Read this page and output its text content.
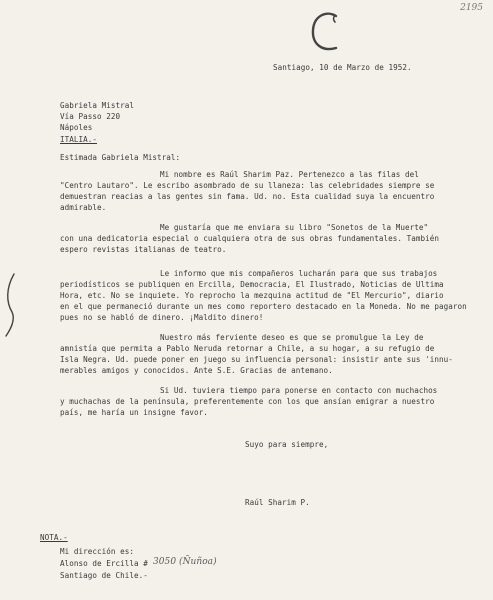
2195
Santiago, 10 de Marzo de 1952.
Gabriela Mistral
Vía Passo 220
Nápoles
ITALIA.-
Estimada Gabriela Mistral:
Mi nombre es Raúl Sharim Paz. Pertenezco a las filas del
"Centro Lautaro". Le escribo asombrado de su llaneza: las celebridades siempre se
demuestran reacias a las gentes sin fama. Ud. no. Esta cualidad suya la encuentro
admirable.
Me gustaría que me enviara su libro "Sonetos de la Muerte"
con una dedicatoria especial o cualquiera otra de sus obras fundamentales. También
espero revistas italianas de teatro.
Le informo que mis compañeros lucharán para que sus trabajos
periodísticos se publiquen en Ercilla, Democracia, El Ilustrado, Noticias de Ultima
Hora, etc. No se inquiete. Yo reprocho la mezquina actitud de "El Mercurio", diario
en el que permaneció durante un mes como reportero destacado en la Moneda. No me pagaron
pues no se habló de dinero. ¡Maldito dinero!
Nuestro más ferviente deseo es que se promulgue la Ley de
amnistía que permita a Pablo Neruda retornar a Chile, a su hogar, a su refugio de
Isla Negra. Ud. puede poner en juego su influencia personal: insistir ante sus 'innu-
merables amigos y conocidos. Ante S.E. Gracias de antemano.
Si Ud. tuviera tiempo para ponerse en contacto con muchachos
y muchachas de la península, preferentemente con los que ansían emigrar a nuestro
país, me haría un insigne favor.
Suyo para siempre,
Raúl Sharim P.
NOTA.-
Mi dirección es:
Alonso de Ercilla # 3050 (Ñuñoa)
Santiago de Chile.-
